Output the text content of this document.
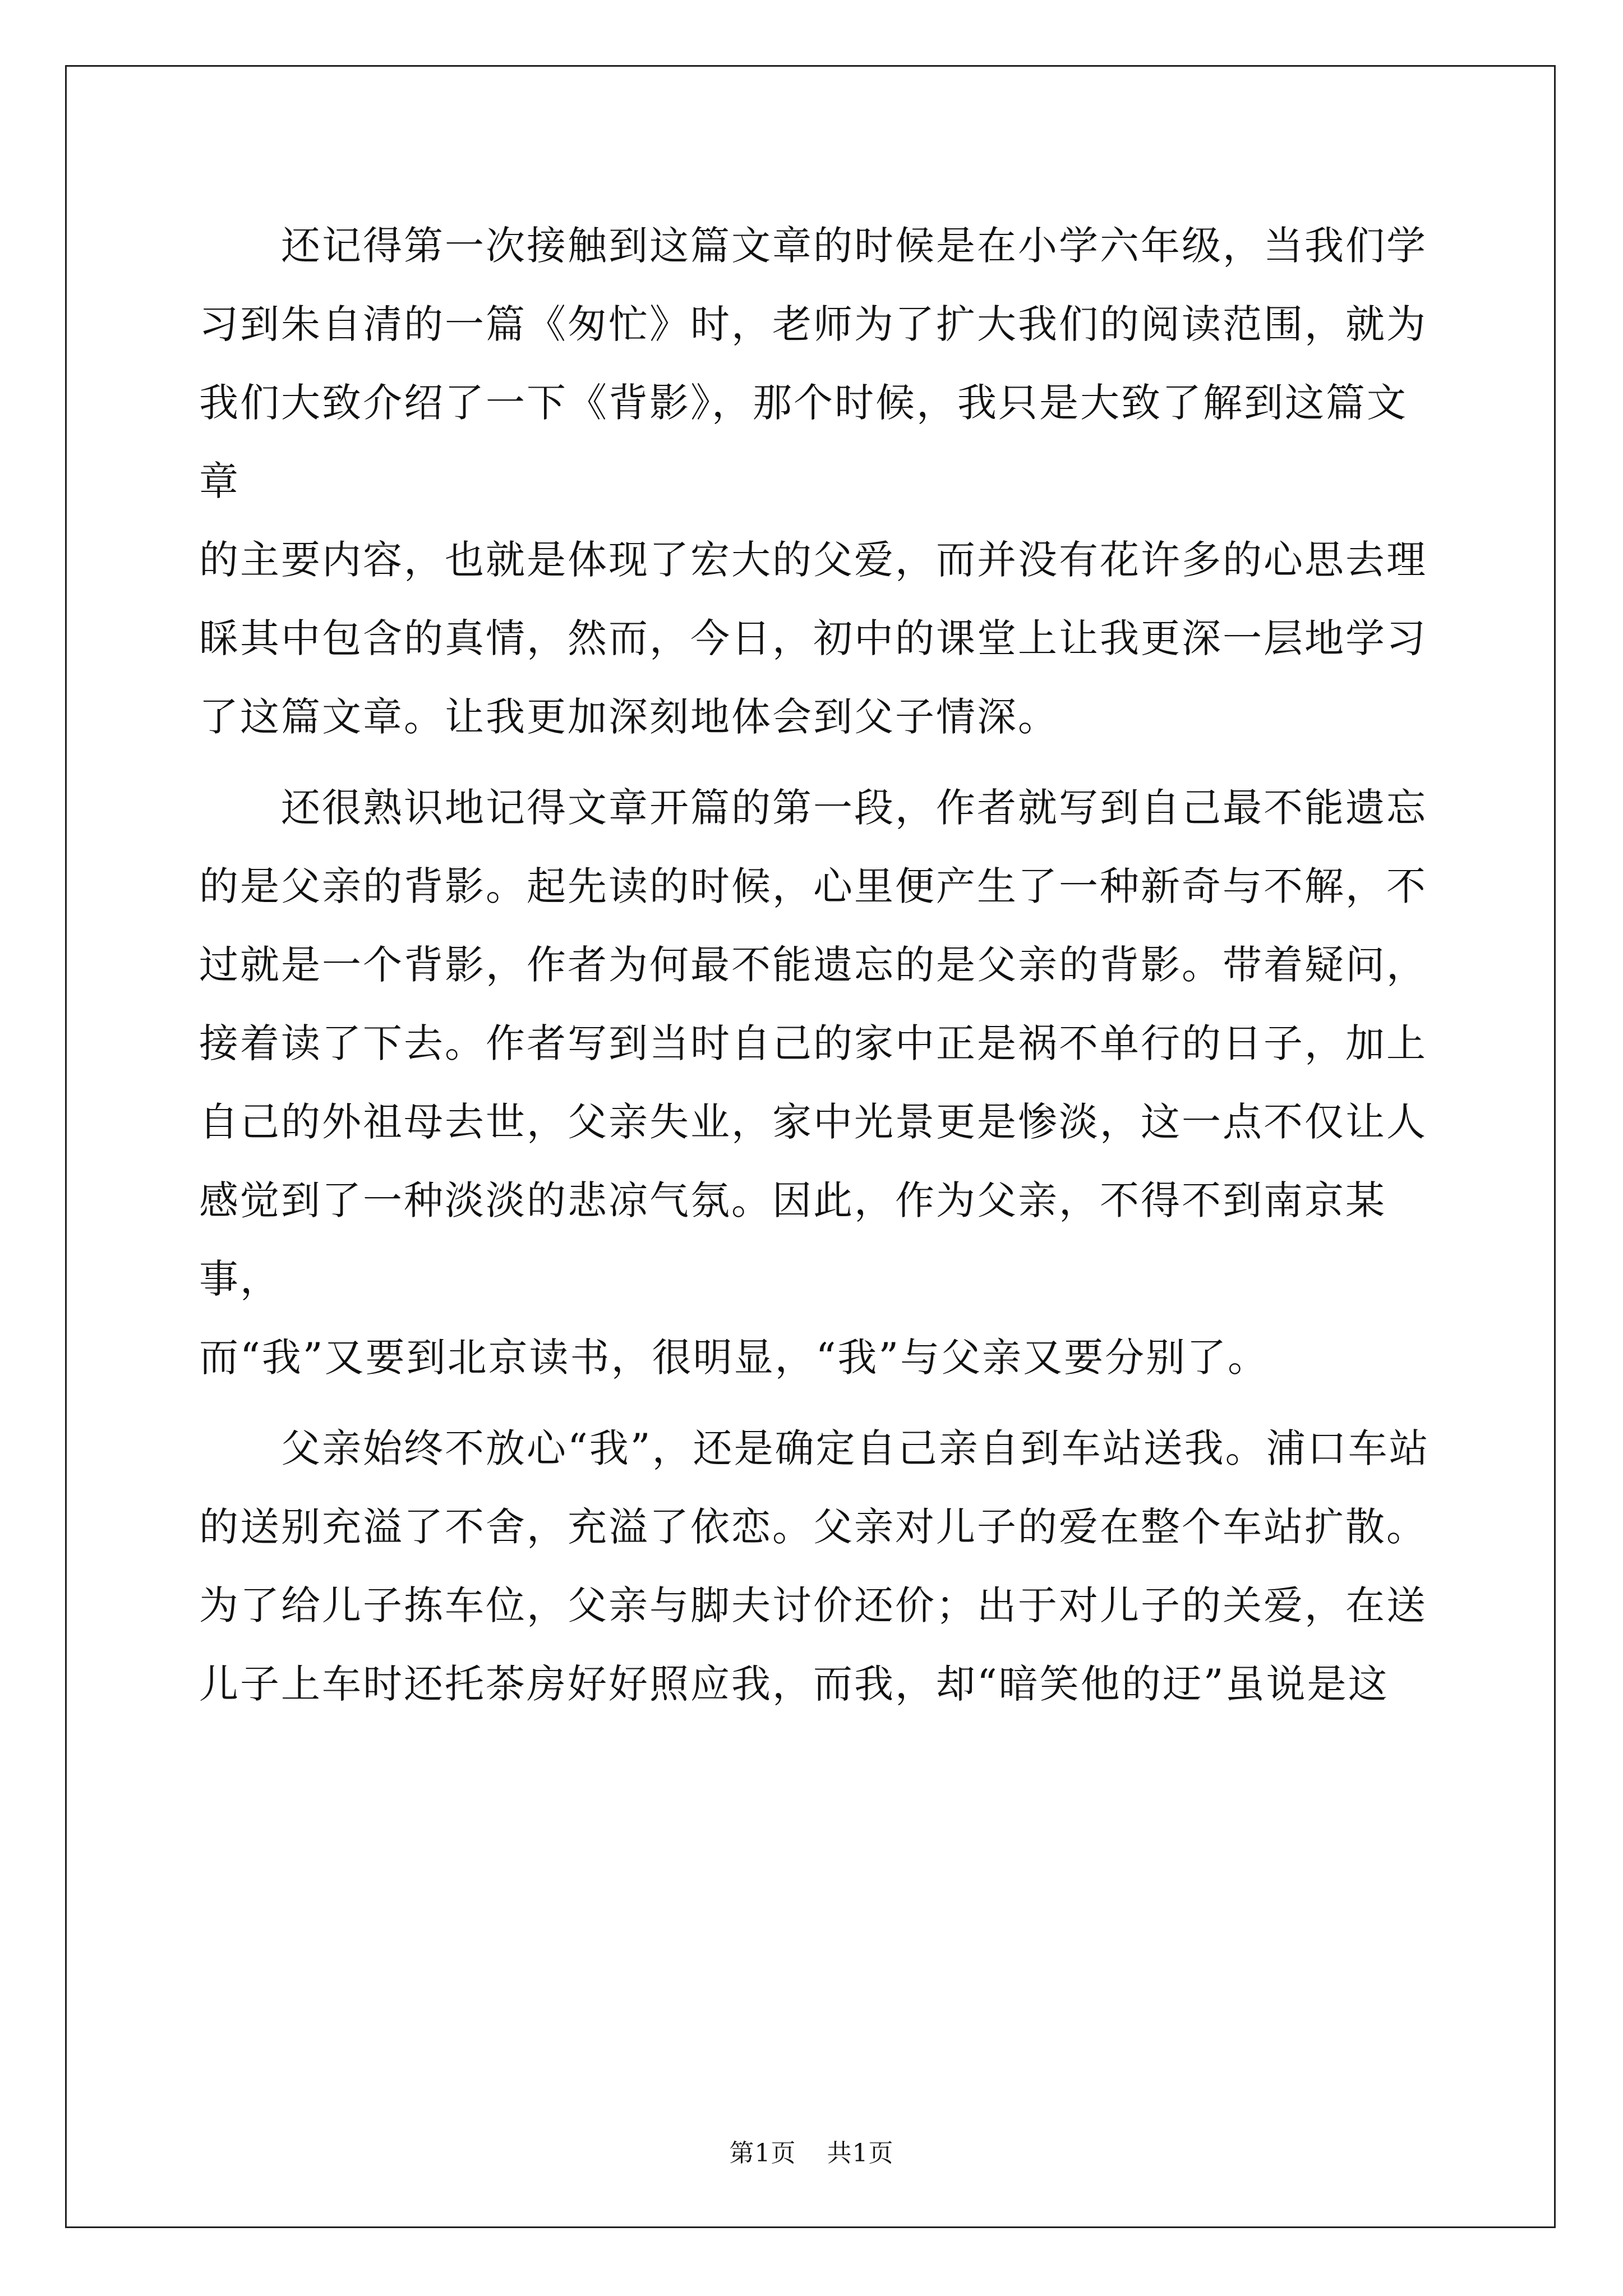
还记得第一次接触到这篇文章的时候是在小学六年级，当我们学
习到朱自清的一篇《匆忙》时，老师为了扩大我们的阅读范围，就为
我们大致介绍了一下《背影》，那个时候，我只是大致了解到这篇文章
的主要内容，也就是体现了宏大的父爱，而并没有花许多的心思去理
睬其中包含的真情，然而，今日，初中的课堂上让我更深一层地学习
了这篇文章。让我更加深刻地体会到父子情深。

还很熟识地记得文章开篇的第一段，作者就写到自己最不能遗忘
的是父亲的背影。起先读的时候，心里便产生了一种新奇与不解，不
过就是一个背影，作者为何最不能遗忘的是父亲的背影。带着疑问，
接着读了下去。作者写到当时自己的家中正是祸不单行的日子，加上
自己的外祖母去世，父亲失业，家中光景更是惨淡，这一点不仅让人
感觉到了一种淡淡的悲凉气氛。因此，作为父亲，不得不到南京某事，
而“我”又要到北京读书，很明显，“我”与父亲又要分别了。

父亲始终不放心“我”，还是确定自己亲自到车站送我。浦口车站
的送别充溢了不舍，充溢了依恋。父亲对儿子的爱在整个车站扩散。
为了给儿子拣车位，父亲与脚夫讨价还价；出于对儿子的关爱，在送
儿子上车时还托茶房好好照应我，而我，却“暗笑他的迂”虽说是这

第1页 共1页
